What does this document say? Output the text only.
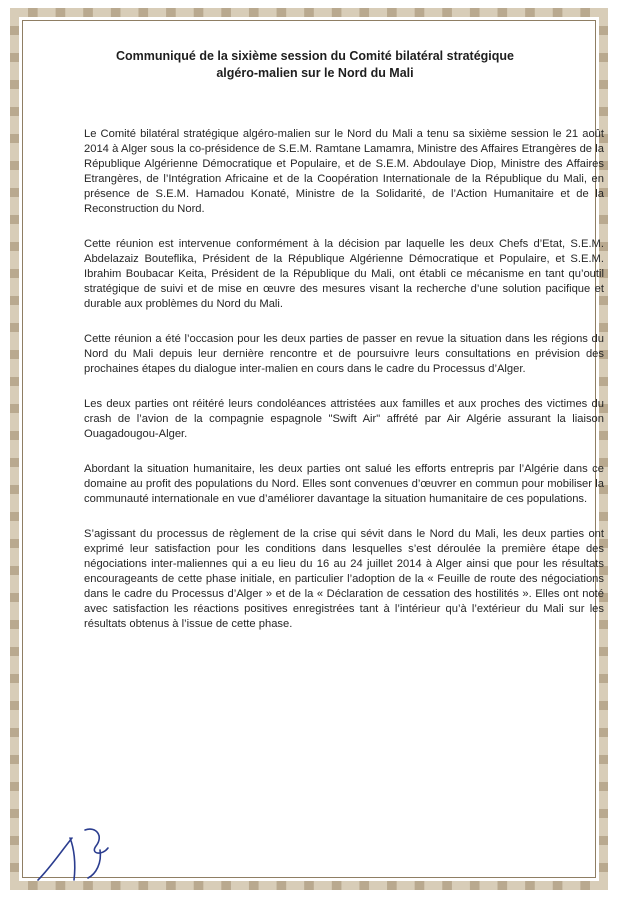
Communiqué de la sixième session du Comité bilatéral stratégique
algéro-malien sur le Nord du Mali

Le Comité bilatéral stratégique algéro-malien sur le Nord du Mali a tenu sa sixième session le 21 août 2014 à Alger sous la co-présidence de S.E.M. Ramtane Lamamra, Ministre des Affaires Etrangères de la République Algérienne Démocratique et Populaire, et de S.E.M. Abdoulaye Diop, Ministre des Affaires Etrangères, de l’Intégration Africaine et de la Coopération Internationale de la République du Mali, en présence de S.E.M. Hamadou Konaté, Ministre de la Solidarité, de l’Action Humanitaire et de la Reconstruction du Nord.

Cette réunion est intervenue conformément à la décision par laquelle les deux Chefs d’Etat, S.E.M. Abdelazaiz Bouteflika, Président de la République Algérienne Démocratique et Populaire, et S.E.M. Ibrahim Boubacar Keita, Président de la République du Mali, ont établi ce mécanisme en tant qu’outil stratégique de suivi et de mise en œuvre des mesures visant la recherche d’une solution pacifique et durable aux problèmes du Nord du Mali.

Cette réunion a été l’occasion pour les deux parties de passer en revue la situation dans les régions du Nord du Mali depuis leur dernière rencontre et de poursuivre leurs consultations en prévision des prochaines étapes du dialogue inter-malien en cours dans le cadre du Processus d’Alger.

Les deux parties ont réitéré leurs condoléances attristées aux familles et aux proches des victimes du crash de l’avion de la compagnie espagnole "Swift Air" affrété par Air Algérie assurant la liaison Ouagadougou-Alger.

Abordant la situation humanitaire, les deux parties ont salué les efforts entrepris par l’Algérie dans ce domaine au profit des populations du Nord. Elles sont convenues d’œuvrer en commun pour mobiliser la communauté internationale en vue d’améliorer davantage la situation humanitaire de ces populations.

S’agissant du processus de règlement de la crise qui sévit dans le Nord du Mali, les deux parties ont exprimé leur satisfaction pour les conditions dans lesquelles s’est déroulée la première étape des négociations inter-maliennes qui a eu lieu du 16 au 24 juillet 2014 à Alger ainsi que pour les résultats encourageants de cette phase initiale, en particulier l’adoption de la « Feuille de route des négociations dans le cadre du Processus d’Alger » et de la « Déclaration de cessation des hostilités ». Elles ont noté avec satisfaction les réactions positives enregistrées tant à l’intérieur qu’à l’extérieur du Mali sur les résultats obtenus à l’issue de cette phase.
